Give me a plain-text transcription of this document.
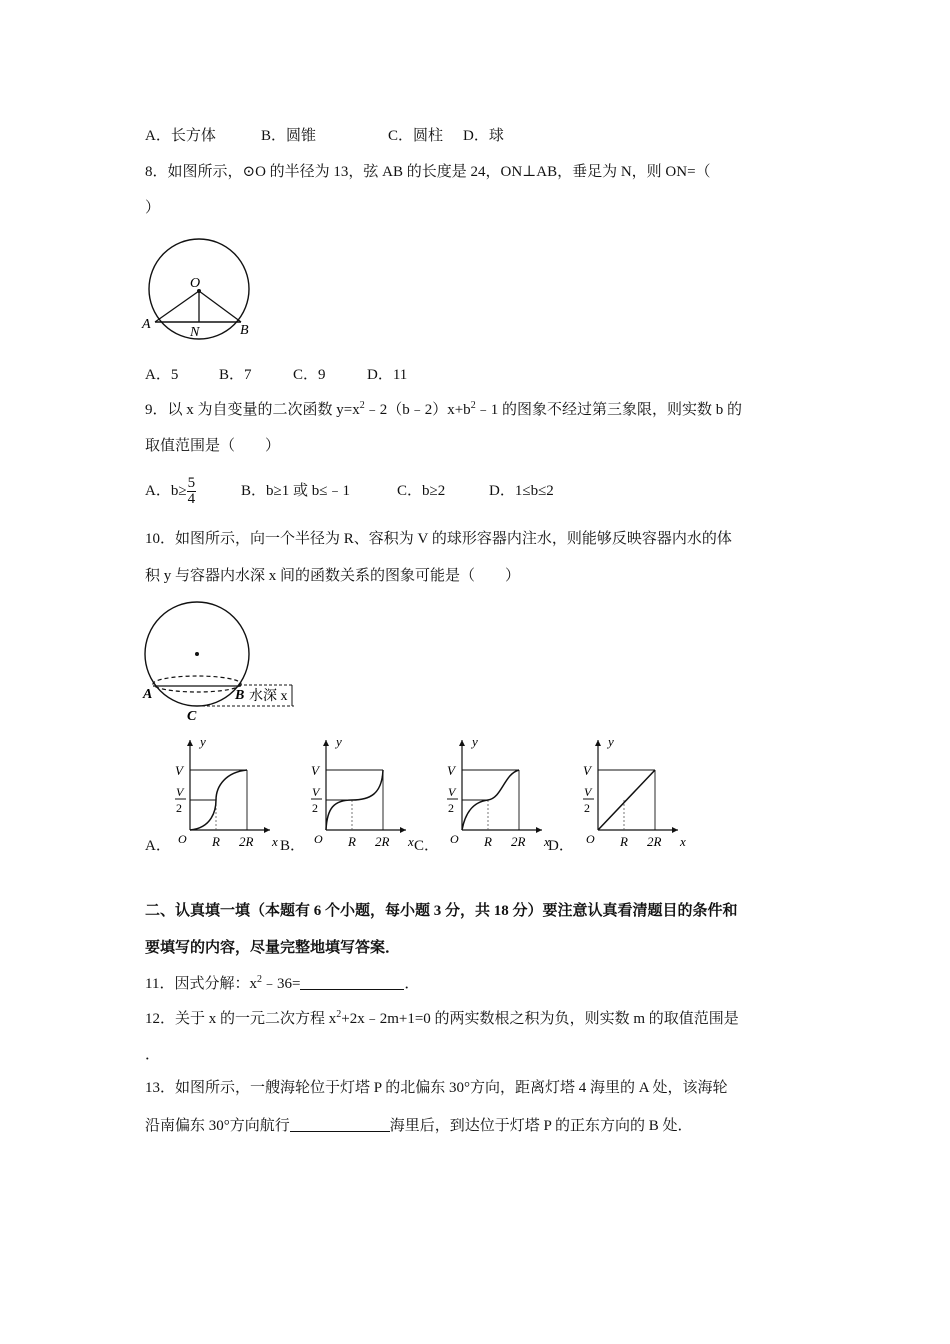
A．长方体	B．圆锥	C．圆柱 D．球
8．如图所示，⊙O 的半径为 13，弦 AB 的长度是 24，ON⊥AB，垂足为 N，则 ON=（
）
O
A	B
N
A．5	B．7	C．9	D．11
9．以 x 为自变量的二次函数 $y=x^2﹣2(b﹣2)x+b^2﹣1$ 的图象不经过第三象限，则实数 b 的
取值范围是（　　）
A．$b\ge \frac{5}{4}$	B．b≥1 或 b≤﹣1	C．b≥2	D．1≤b≤2
10．如图所示，向一个半径为 R、容积为 V 的球形容器内注水，则能够反映容器内水的体
积 y 与容器内水深 x 间的函数关系的图象可能是（　　）
A	B
C
水深 x
y
x
O
V
V
2
R 2R
y
x
O
V
V
2
R 2R
y
x
O
V
V
2
R 2R
y
x
O
V
V
2
R 2R
A．	B．	C．	D．
二、认真填一填（本题有 6 个小题，每小题 3 分，共 18 分）要注意认真看清题目的条件和
要填写的内容，尽量完整地填写答案．
11．因式分解：$x^2﹣36=$	．
12．关于 x 的一元二次方程 $x^2+2x﹣2m+1=0$ 的两实数根之积为负，则实数 m 的取值范围是
．
13．如图所示，一艘海轮位于灯塔 P 的北偏东 30°方向，距离灯塔 4 海里的 A 处，该海轮
沿南偏东 30°方向航行	海里后，到达位于灯塔 P 的正东方向的 B 处．
